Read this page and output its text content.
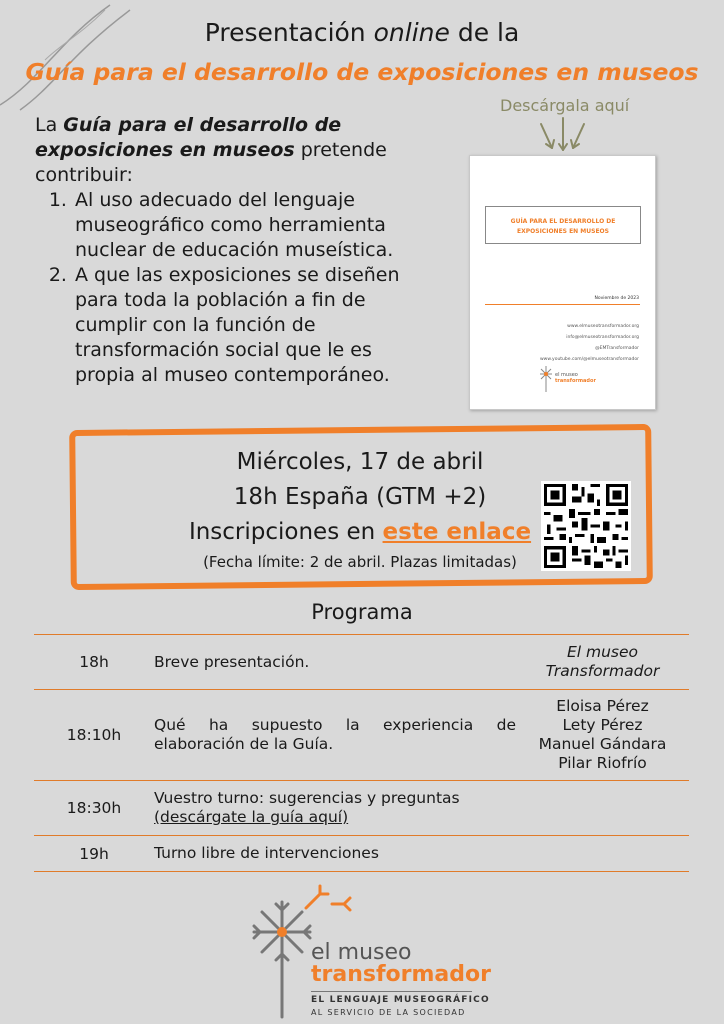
Presentación online de la
Guía para el desarrollo de exposiciones en museos
La Guía para el desarrollo de exposiciones en museos pretende contribuir:
1. Al uso adecuado del lenguaje museográfico como herramienta nuclear de educación museística.
2. A que las exposiciones se diseñen para toda la población a fin de cumplir con la función de transformación social que le es propia al museo contemporáneo.
Descárgala aquí
GUÍA PARA EL DESARROLLO DE
EXPOSICIONES EN MUSEOS
Noviembre de 2023
www.elmuseotransformador.org
info@elmuseotransformador.org
@EMTransformador
www.youtube.com/@elmuseotransformador
el museo
transformador
Miércoles, 17 de abril
18h España (GTM +2)
Inscripciones en este enlace
(Fecha límite: 2 de abril. Plazas limitadas)
Programa
18h	Breve presentación.
El museo
Transformador
18:10h
Qué ha supuesto la experiencia de elaboración de la Guía.
Eloisa Pérez
Lety Pérez
Manuel Gándara
Pilar Riofrío
18:30h
Vuestro turno: sugerencias y preguntas
(descárgate la guía aquí)
19h	Turno libre de intervenciones
el museo
transformador
EL LENGUAJE MUSEOGRÁFICO
AL SERVICIO DE LA SOCIEDAD
